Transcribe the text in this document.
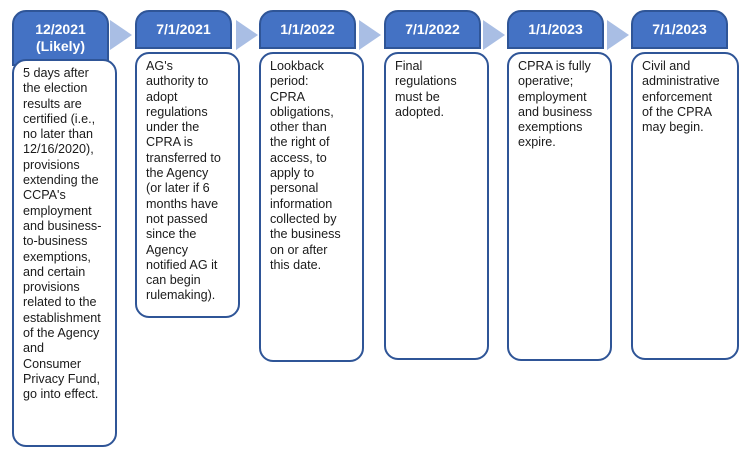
12/2021
(Likely)
5 days after
the election
results are
certified (i.e.,
no later than
12/16/2020),
provisions
extending the
CCPA's
employment
and business-
to-business
exemptions,
and certain
provisions
related to the
establishment
of the Agency
and
Consumer
Privacy Fund,
go into effect.
7/1/2021
AG's
authority to
adopt
regulations
under the
CPRA is
transferred to
the Agency
(or later if 6
months have
not passed
since the
Agency
notified AG it
can begin
rulemaking).
1/1/2022
Lookback
period:
CPRA
obligations,
other than
the right of
access, to
apply to
personal
information
collected by
the business
on or after
this date.
7/1/2022
Final
regulations
must be
adopted.
1/1/2023
CPRA is fully
operative;
employment
and business
exemptions
expire.
7/1/2023
Civil and
administrative
enforcement
of the CPRA
may begin.
